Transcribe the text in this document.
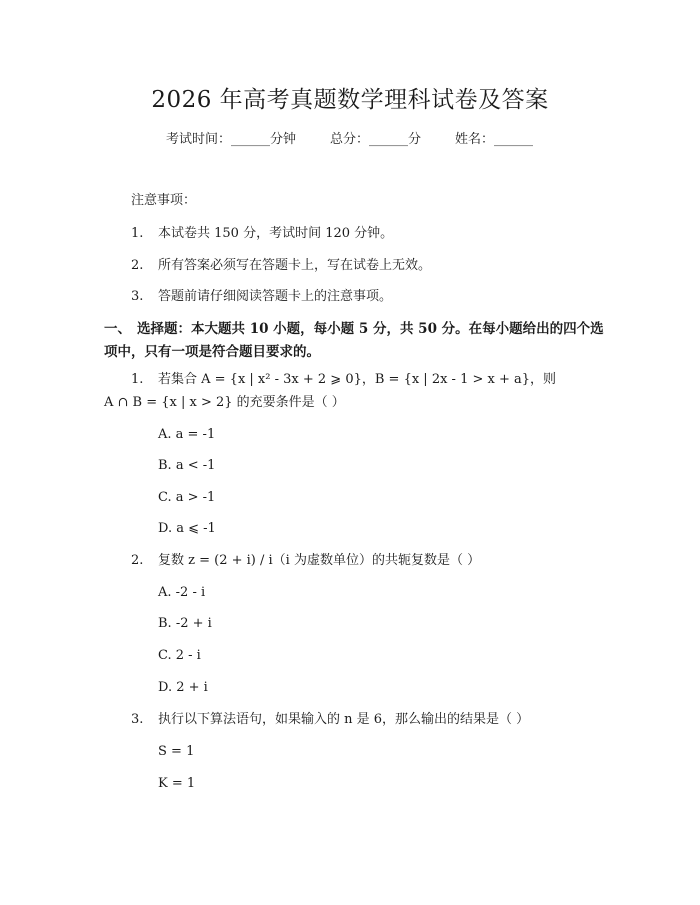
2026 年高考真题数学理科试卷及答案
考试时间：______分钟	总分：______分	姓名：______
注意事项：
1. 本试卷共 150 分，考试时间 120 分钟。
2. 所有答案必须写在答题卡上，写在试卷上无效。
3. 答题前请仔细阅读答题卡上的注意事项。
一、 选择题：本大题共 10 小题，每小题 5 分，共 50 分。在每小题给出的四个选
项中，只有一项是符合题目要求的。
1. 若集合 A = {x | x² - 3x + 2 ⩾ 0}，B = {x | 2x - 1 > x + a}，则
A ∩ B = {x | x > 2} 的充要条件是（ ）
A. a = -1
B. a < -1
C. a > -1
D. a ⩽ -1
2. 复数 z = (2 + i) / i（i 为虚数单位）的共轭复数是（ ）
A. -2 - i
B. -2 + i
C. 2 - i
D. 2 + i
3. 执行以下算法语句，如果输入的 n 是 6，那么输出的结果是（ ）
S = 1
K = 1
